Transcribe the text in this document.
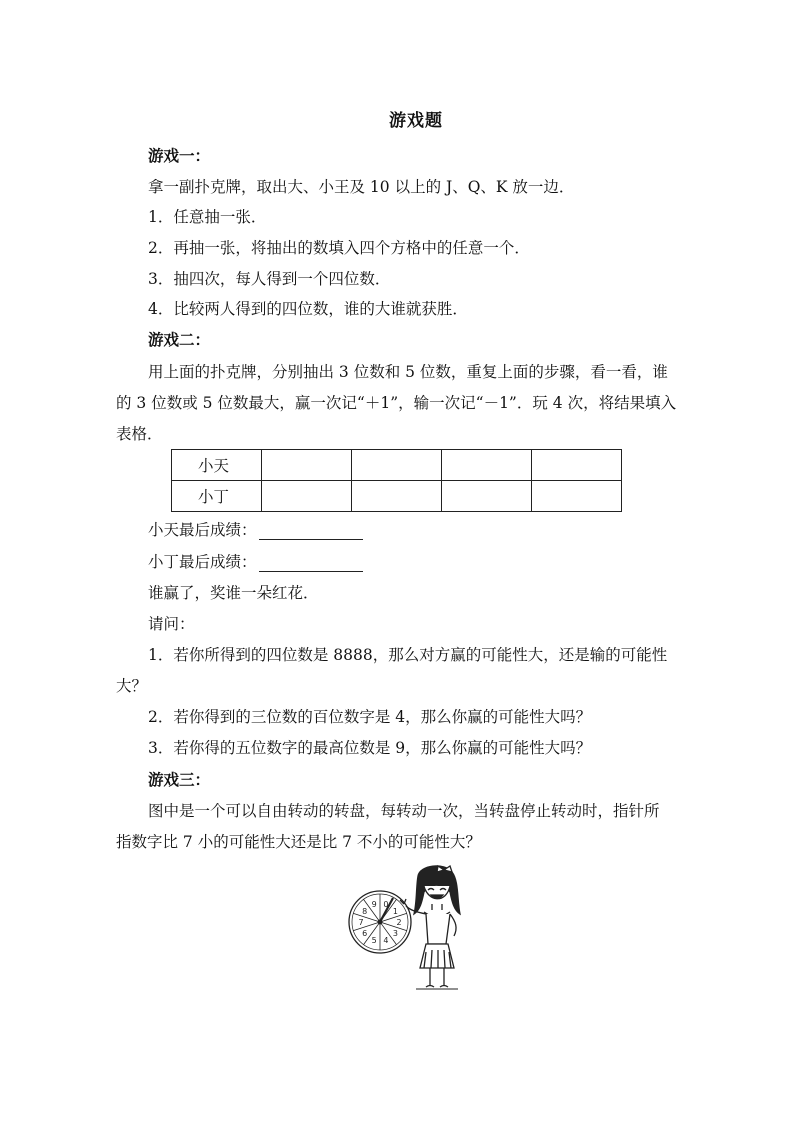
游戏题
游戏一：
拿一副扑克牌，取出大、小王及 10 以上的 J、Q、K 放一边．
1．任意抽一张．
2．再抽一张，将抽出的数填入四个方格中的任意一个．
3．抽四次，每人得到一个四位数．
4．比较两人得到的四位数，谁的大谁就获胜．
游戏二：
用上面的扑克牌，分别抽出 3 位数和 5 位数，重复上面的步骤，看一看，谁
的 3 位数或 5 位数最大，赢一次记“＋1”，输一次记“－1”．玩 4 次，将结果填入
表格．
小天				
小丁				
小天最后成绩：
小丁最后成绩：
谁赢了，奖谁一朵红花．
请问：
1．若你所得到的四位数是 8888，那么对方赢的可能性大，还是输的可能性
大？
2．若你得到的三位数的百位数字是 4，那么你赢的可能性大吗？
3．若你得的五位数字的最高位数是 9，那么你赢的可能性大吗？
游戏三：
图中是一个可以自由转动的转盘，每转动一次，当转盘停止转动时，指针所
指数字比 7 小的可能性大还是比 7 不小的可能性大？
0
1
2
3
4
5
6
7
8
9
